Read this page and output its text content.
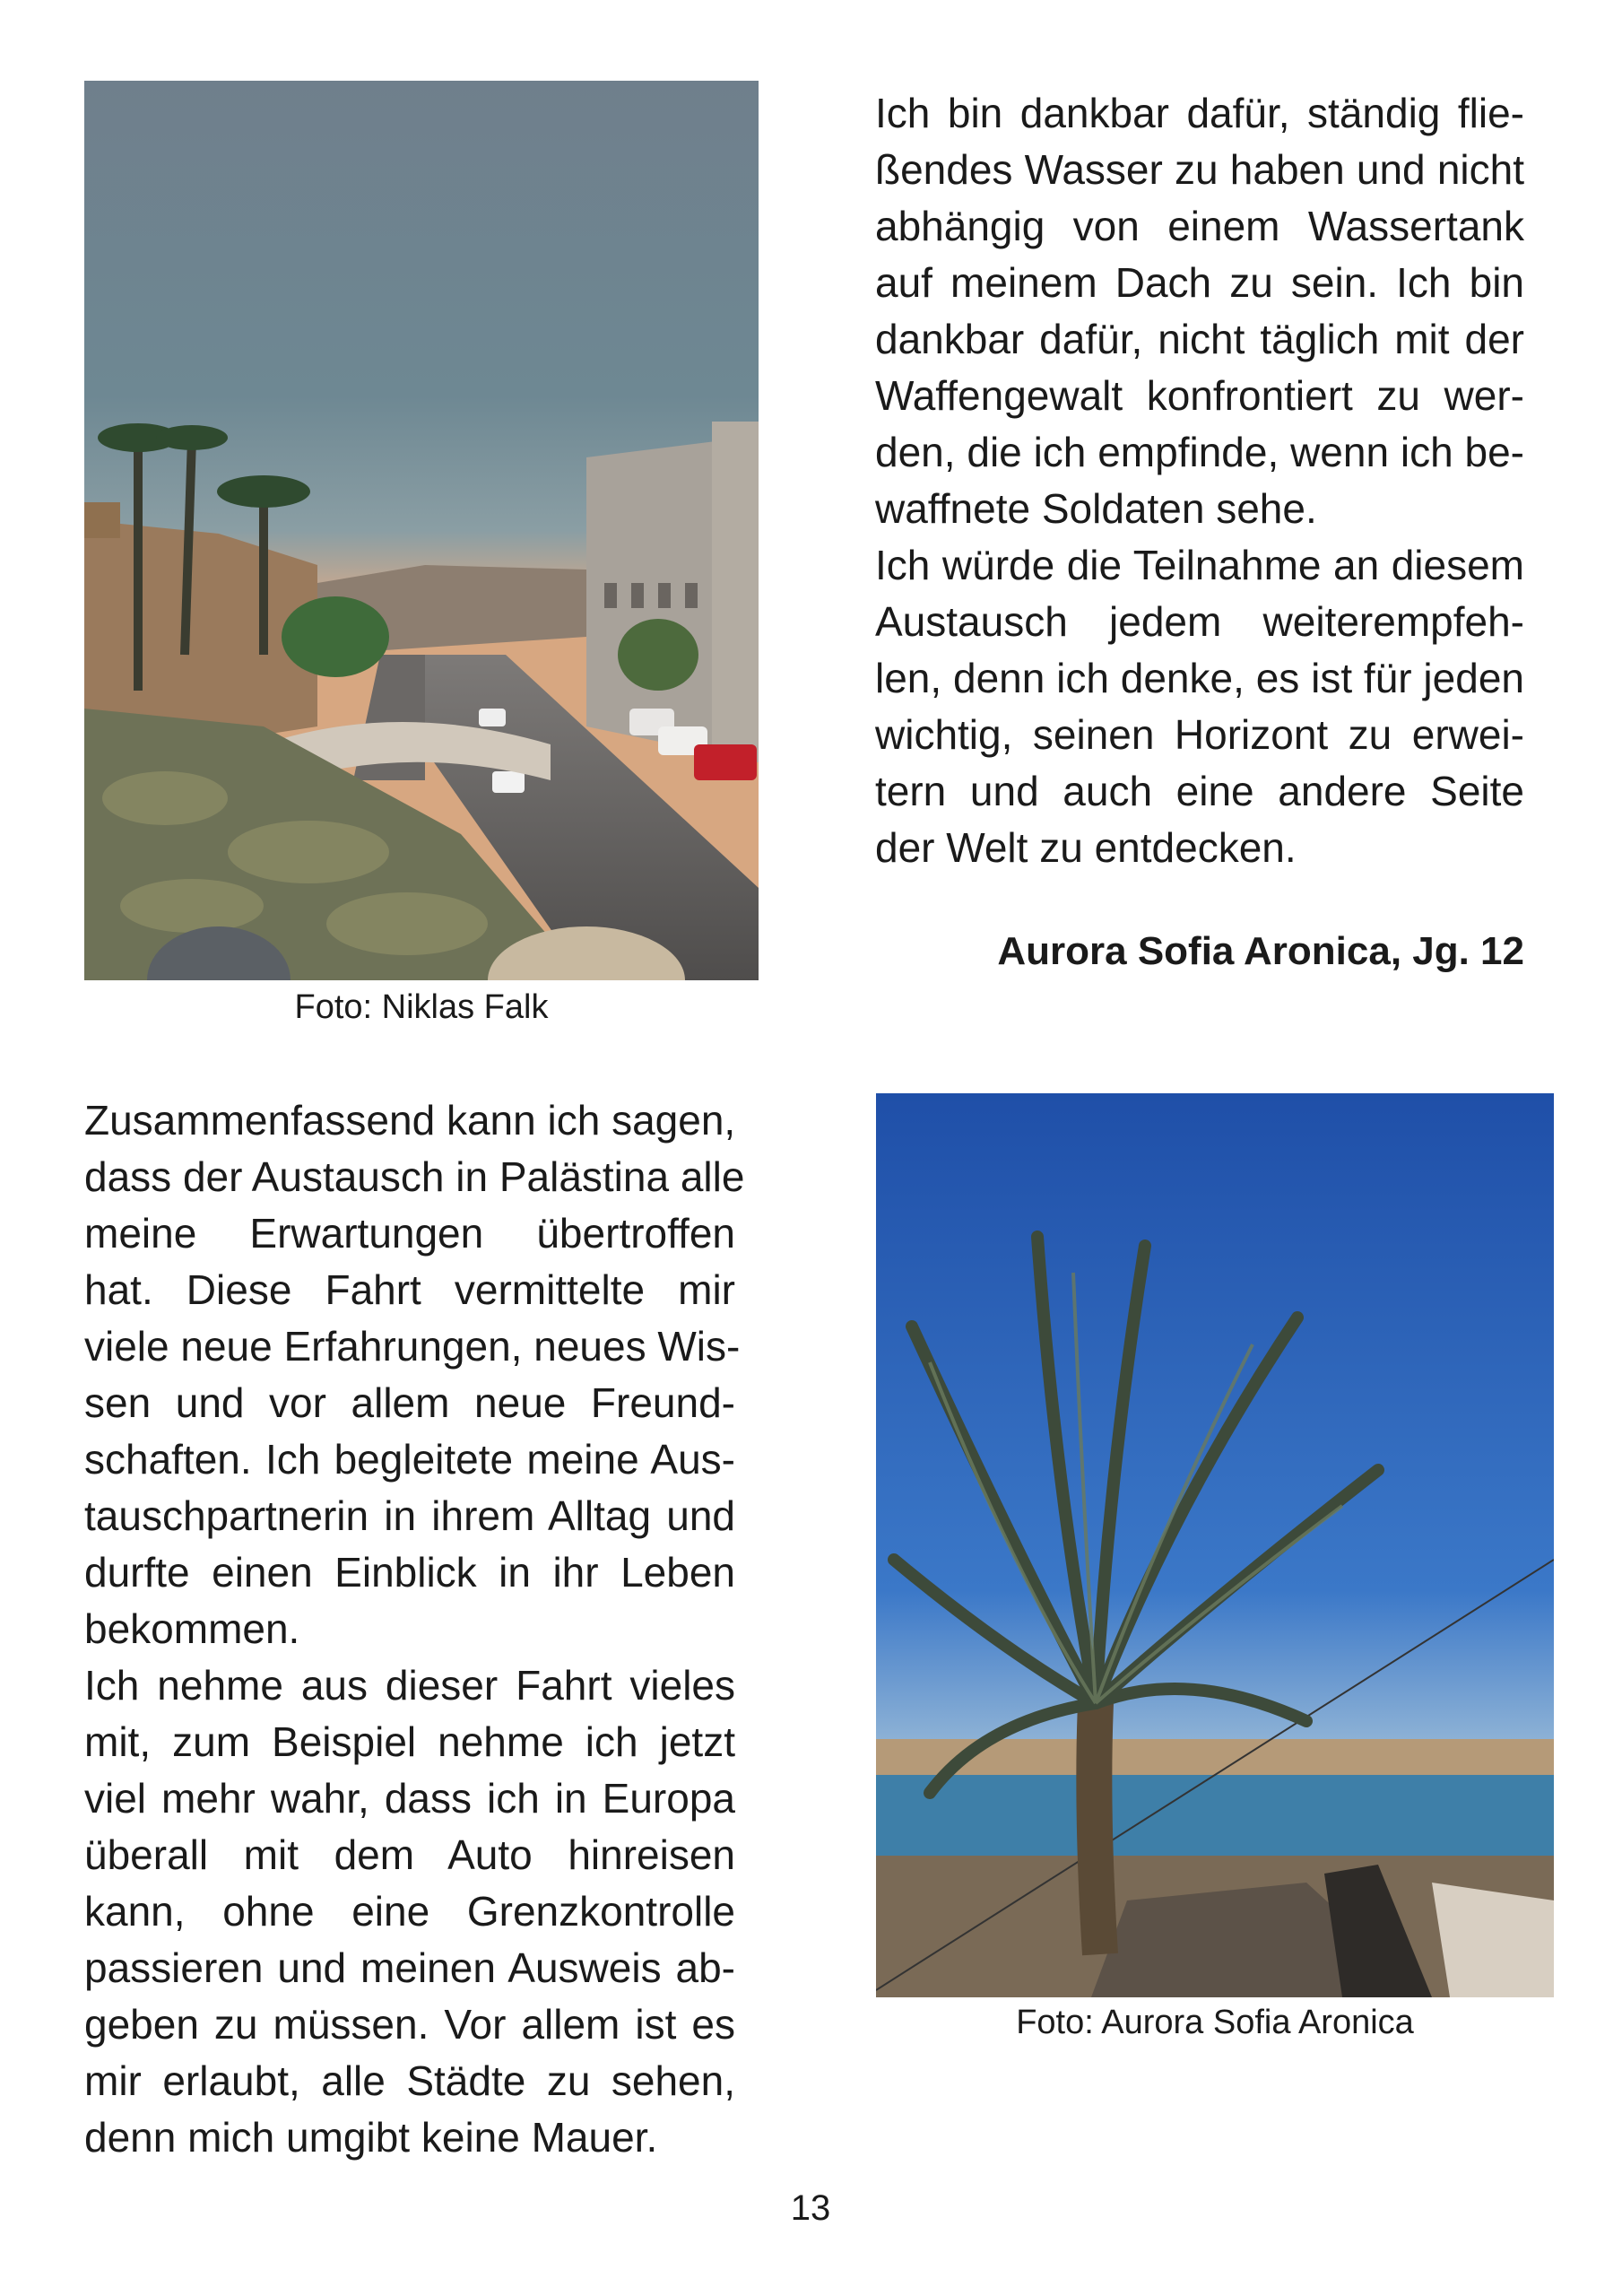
Foto: Niklas Falk
Ich bin dankbar dafür, ständig flie-
ßendes Wasser zu haben und nicht
abhängig von einem Wassertank
auf meinem Dach zu sein. Ich bin
dankbar dafür, nicht täglich mit der
Waffengewalt konfrontiert zu wer-
den, die ich empfinde, wenn ich be-
waffnete Soldaten sehe.
Ich würde die Teilnahme an diesem
Austausch jedem weiterempfeh-
len, denn ich denke, es ist für jeden
wichtig, seinen Horizont zu erwei-
tern und auch eine andere Seite
der Welt zu entdecken.
Aurora Sofia Aronica, Jg. 12
Zusammenfassend kann ich sagen,
dass der Austausch in Palästina alle
meine Erwartungen übertroffen
hat. Diese Fahrt vermittelte mir
viele neue Erfahrungen, neues Wis-
sen und vor allem neue Freund-
schaften. Ich begleitete meine Aus-
tauschpartnerin in ihrem Alltag und
durfte einen Einblick in ihr Leben
bekommen.
Ich nehme aus dieser Fahrt vieles
mit, zum Beispiel nehme ich jetzt
viel mehr wahr, dass ich in Europa
überall mit dem Auto hinreisen
kann, ohne eine Grenzkontrolle
passieren und meinen Ausweis ab-
geben zu müssen. Vor allem ist es
mir erlaubt, alle Städte zu sehen,
denn mich umgibt keine Mauer.
Foto: Aurora Sofia Aronica
13
